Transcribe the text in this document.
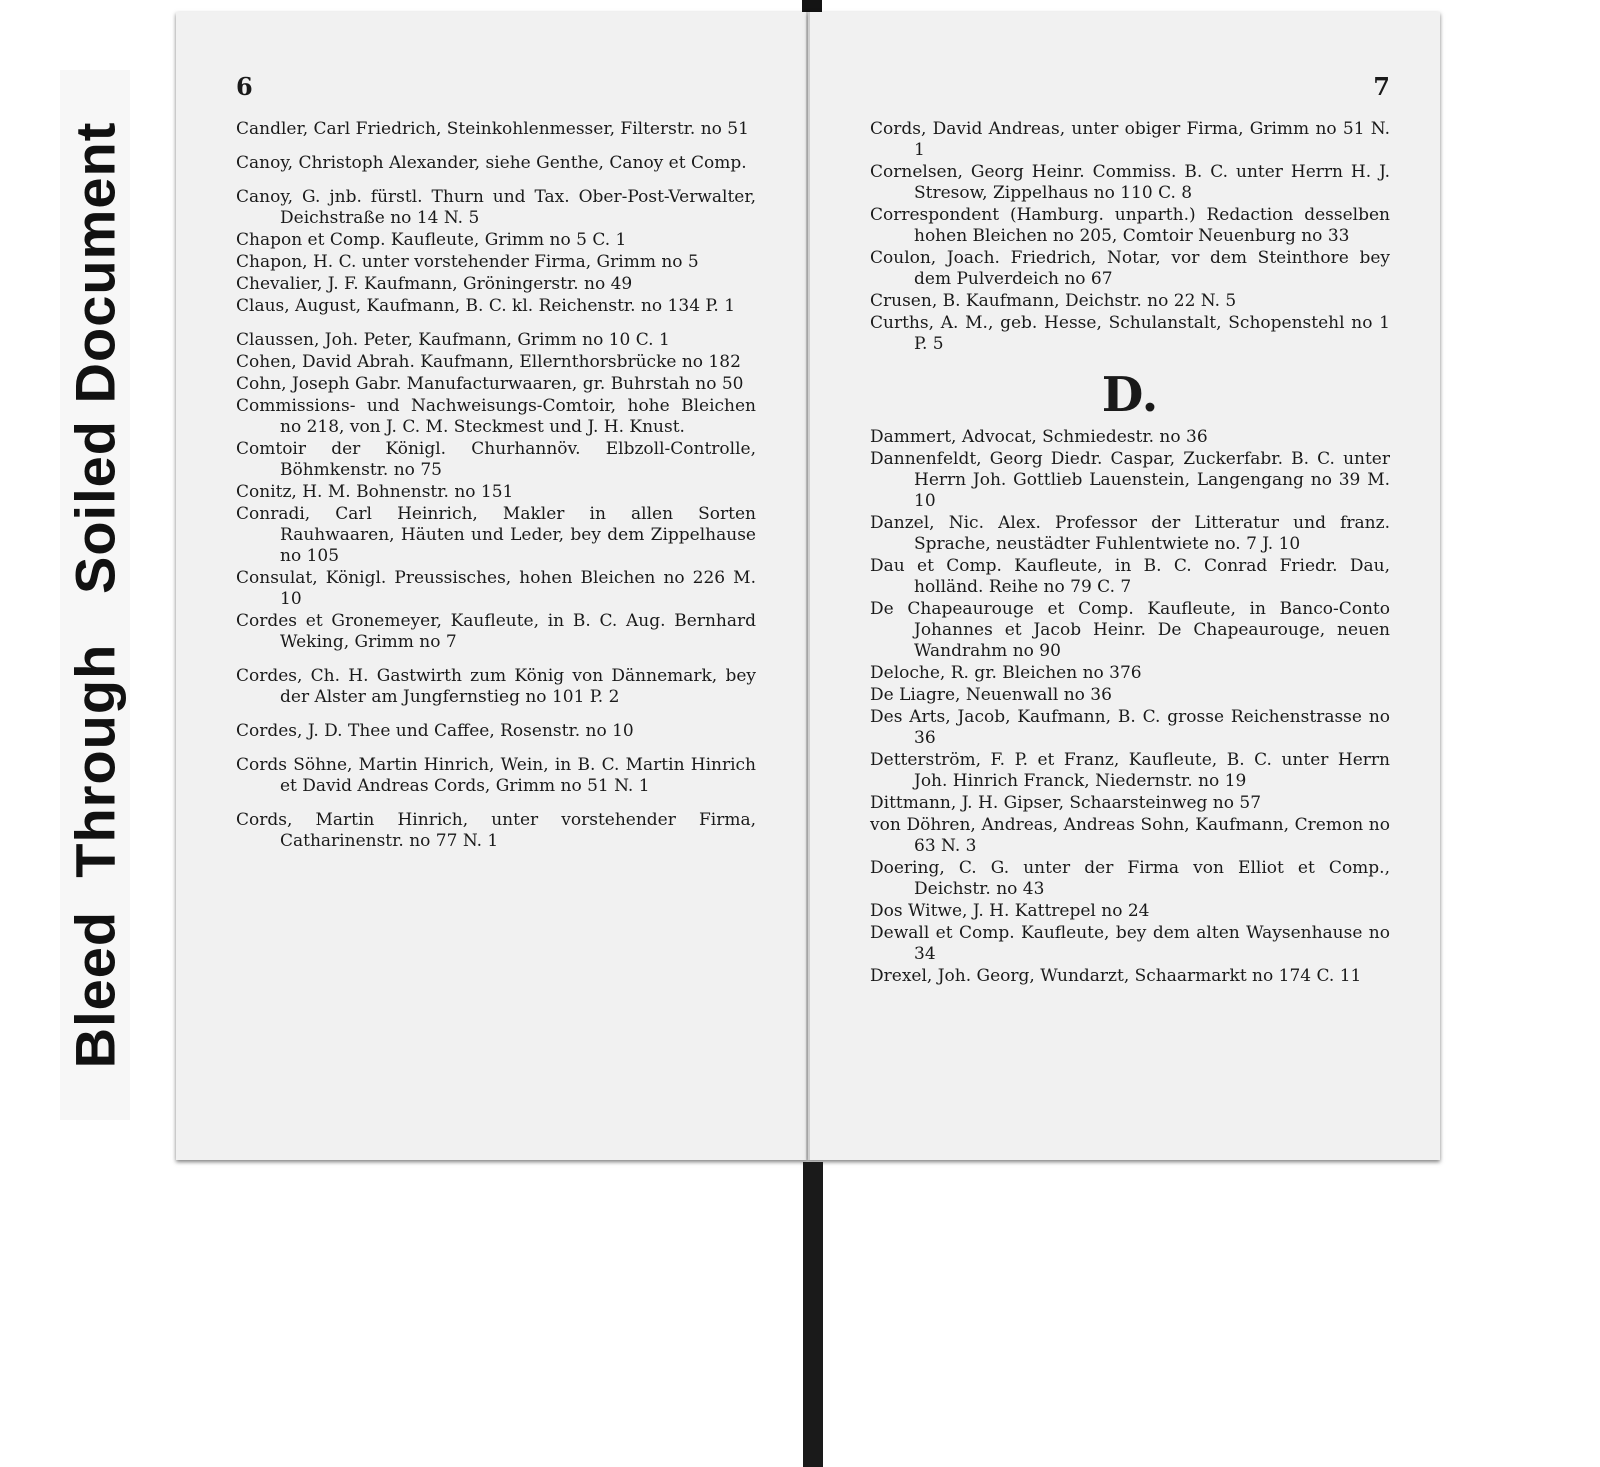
Bleed  Through   Soiled Document
6

Candler, Carl Friedrich, Steinkohlenmesser, Filterstr. no 51

Canoy, Christoph Alexander, siehe Genthe, Canoy et Comp.

Canoy, G. jnb. fürstl. Thurn und Tax. Ober-Post-Verwalter, Deichstraße no 14 N. 5

Chapon et Comp. Kaufleute, Grimm no 5 C. 1

Chapon, H. C. unter vorstehender Firma, Grimm no 5

Chevalier, J. F. Kaufmann, Gröningerstr. no 49

Claus, August, Kaufmann, B. C. kl. Reichenstr. no 134 P. 1

Claussen, Joh. Peter, Kaufmann, Grimm no 10 C. 1

Cohen, David Abrah. Kaufmann, Ellernthorsbrücke no 182

Cohn, Joseph Gabr. Manufacturwaaren, gr. Buhrstah no 50

Commissions- und Nachweisungs-Comtoir, hohe Bleichen no 218, von J. C. M. Steckmest und J. H. Knust.

Comtoir der Königl. Churhannöv. Elbzoll-Controlle, Böhmkenstr. no 75

Conitz, H. M. Bohnenstr. no 151

Conradi, Carl Heinrich, Makler in allen Sorten Rauhwaaren, Häuten und Leder, bey dem Zippelhause no 105

Consulat, Königl. Preussisches, hohen Bleichen no 226 M. 10

Cordes et Gronemeyer, Kaufleute, in B. C. Aug. Bernhard Weking, Grimm no 7

Cordes, Ch. H. Gastwirth zum König von Dännemark, bey der Alster am Jungfernstieg no 101 P. 2

Cordes, J. D. Thee und Caffee, Rosenstr. no 10

Cords Söhne, Martin Hinrich, Wein, in B. C. Martin Hinrich et David Andreas Cords, Grimm no 51 N. 1

Cords, Martin Hinrich, unter vorstehender Firma, Catharinenstr. no 77 N. 1

7

Cords, David Andreas, unter obiger Firma, Grimm no 51 N. 1

Cornelsen, Georg Heinr. Commiss. B. C. unter Herrn H. J. Stresow, Zippelhaus no 110 C. 8

Correspondent (Hamburg. unparth.) Redaction desselben hohen Bleichen no 205, Comtoir Neuenburg no 33

Coulon, Joach. Friedrich, Notar, vor dem Steinthore bey dem Pulverdeich no 67

Crusen, B. Kaufmann, Deichstr. no 22 N. 5

Curths, A. M., geb. Hesse, Schulanstalt, Schopenstehl no 1 P. 5

D.

Dammert, Advocat, Schmiedestr. no 36

Dannenfeldt, Georg Diedr. Caspar, Zuckerfabr. B. C. unter Herrn Joh. Gottlieb Lauenstein, Langengang no 39 M. 10

Danzel, Nic. Alex. Professor der Litteratur und franz. Sprache, neustädter Fuhlentwiete no. 7 J. 10

Dau et Comp. Kaufleute, in B. C. Conrad Friedr. Dau, holländ. Reihe no 79 C. 7

De Chapeaurouge et Comp. Kaufleute, in Banco-Conto Johannes et Jacob Heinr. De Chapeaurouge, neuen Wandrahm no 90

Deloche, R. gr. Bleichen no 376

De Liagre, Neuenwall no 36

Des Arts, Jacob, Kaufmann, B. C. grosse Reichenstrasse no 36

Detterström, F. P. et Franz, Kaufleute, B. C. unter Herrn Joh. Hinrich Franck, Niedernstr. no 19

Dittmann, J. H. Gipser, Schaarsteinweg no 57

von Döhren, Andreas, Andreas Sohn, Kaufmann, Cremon no 63 N. 3

Doering, C. G. unter der Firma von Elliot et Comp., Deichstr. no 43

Dos Witwe, J. H. Kattrepel no 24

Dewall et Comp. Kaufleute, bey dem alten Waysenhause no 34

Drexel, Joh. Georg, Wundarzt, Schaarmarkt no 174 C. 11
